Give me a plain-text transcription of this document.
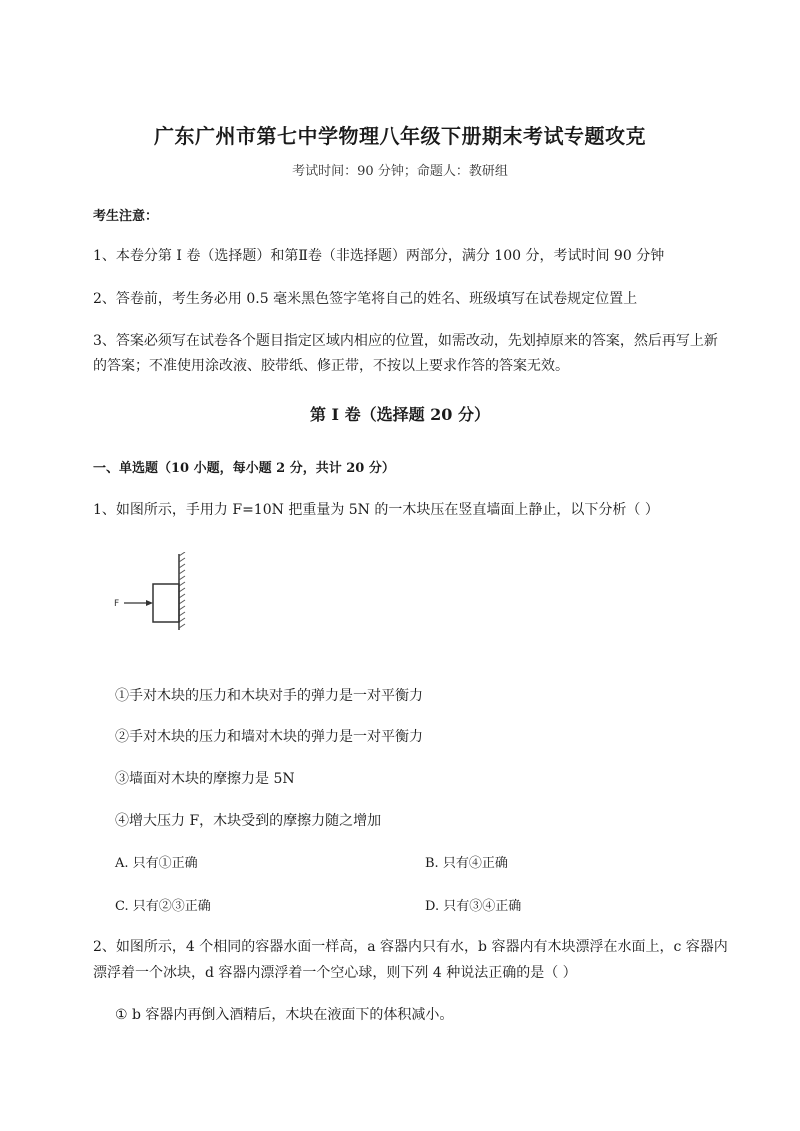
广东广州市第七中学物理八年级下册期末考试专题攻克
考试时间：90 分钟；命题人：教研组
考生注意：
1、本卷分第 I 卷（选择题）和第Ⅱ卷（非选择题）两部分，满分 100 分，考试时间 90 分钟
2、答卷前，考生务必用 0.5 毫米黑色签字笔将自己的姓名、班级填写在试卷规定位置上
3、答案必须写在试卷各个题目指定区域内相应的位置，如需改动，先划掉原来的答案，然后再写上新
的答案；不准使用涂改液、胶带纸、修正带，不按以上要求作答的答案无效。
第 I 卷（选择题 20 分）
一、单选题（10 小题，每小题 2 分，共计 20 分）
1、如图所示，手用力 F=10N 把重量为 5N 的一木块压在竖直墙面上静止，以下分析（ ）
F
①手对木块的压力和木块对手的弹力是一对平衡力
②手对木块的压力和墙对木块的弹力是一对平衡力
③墙面对木块的摩擦力是 5N
④增大压力 F，木块受到的摩擦力随之增加
A. 只有①正确	B. 只有④正确
C. 只有②③正确	D. 只有③④正确
2、如图所示，4 个相同的容器水面一样高，a 容器内只有水，b 容器内有木块漂浮在水面上，c 容器内
漂浮着一个冰块，d 容器内漂浮着一个空心球，则下列 4 种说法正确的是（ ）
① b 容器内再倒入酒精后，木块在液面下的体积减小。
